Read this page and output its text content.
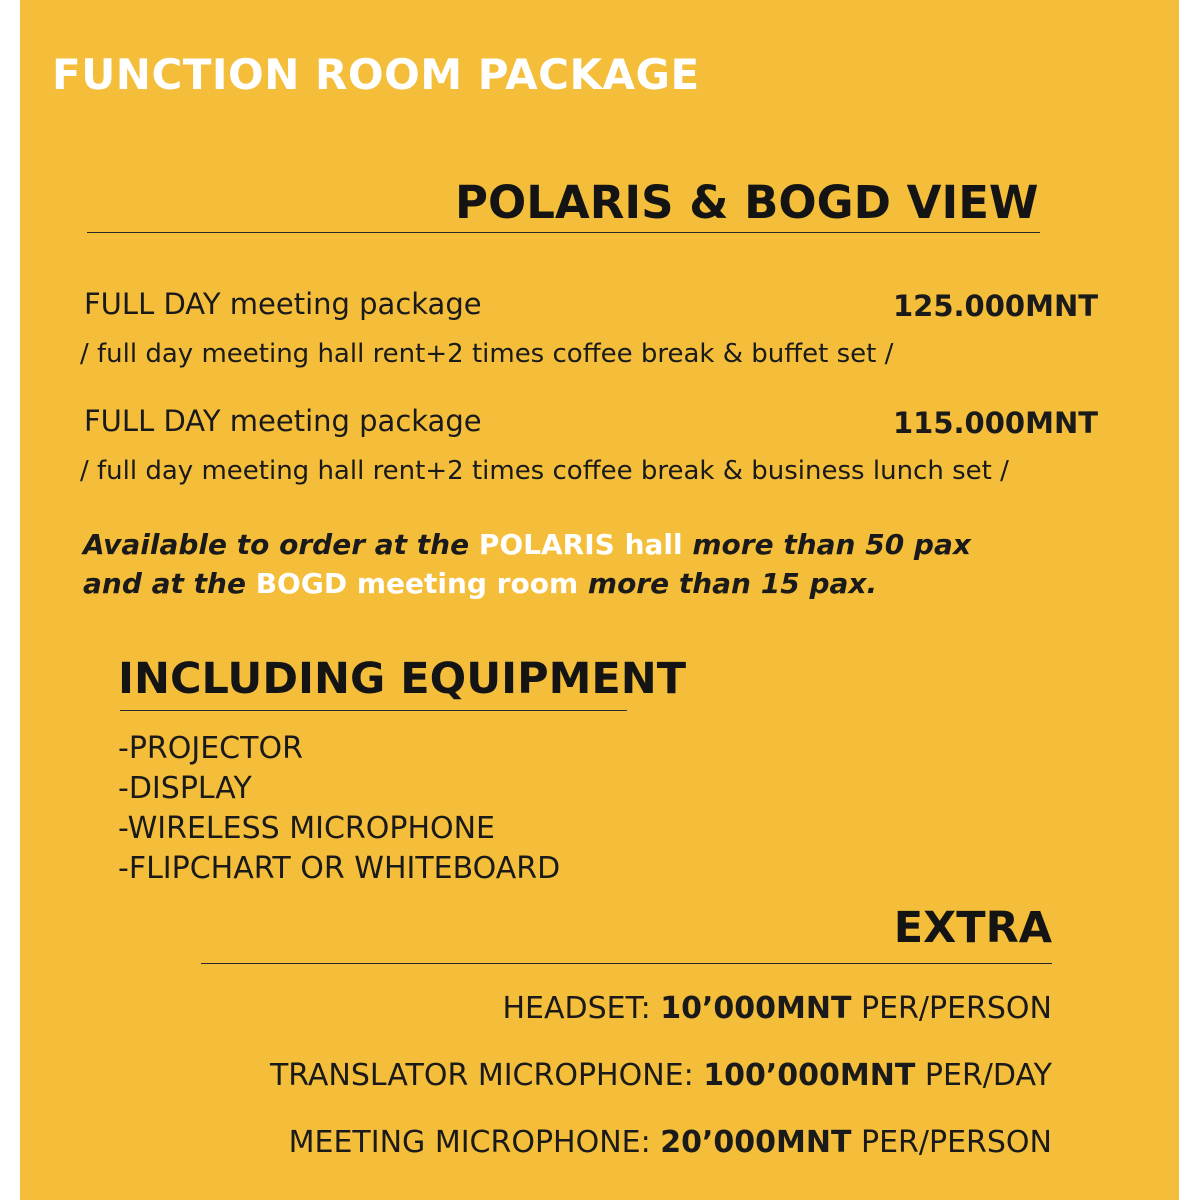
FUNCTION ROOM PACKAGE
POLARIS & BOGD VIEW
FULL DAY meeting package	125.000MNT
/ full day meeting hall rent+2 times coffee break & buffet set /
FULL DAY meeting package	115.000MNT
/ full day meeting hall rent+2 times coffee break & business lunch set /
Available to order at the POLARIS hall more than 50 pax
and at the BOGD meeting room more than 15 pax.
INCLUDING EQUIPMENT
-PROJECTOR
-DISPLAY
-WIRELESS MICROPHONE
-FLIPCHART OR WHITEBOARD
EXTRA
HEADSET: 10’000MNT PER/PERSON
TRANSLATOR MICROPHONE: 100’000MNT PER/DAY
MEETING MICROPHONE: 20’000MNT PER/PERSON
